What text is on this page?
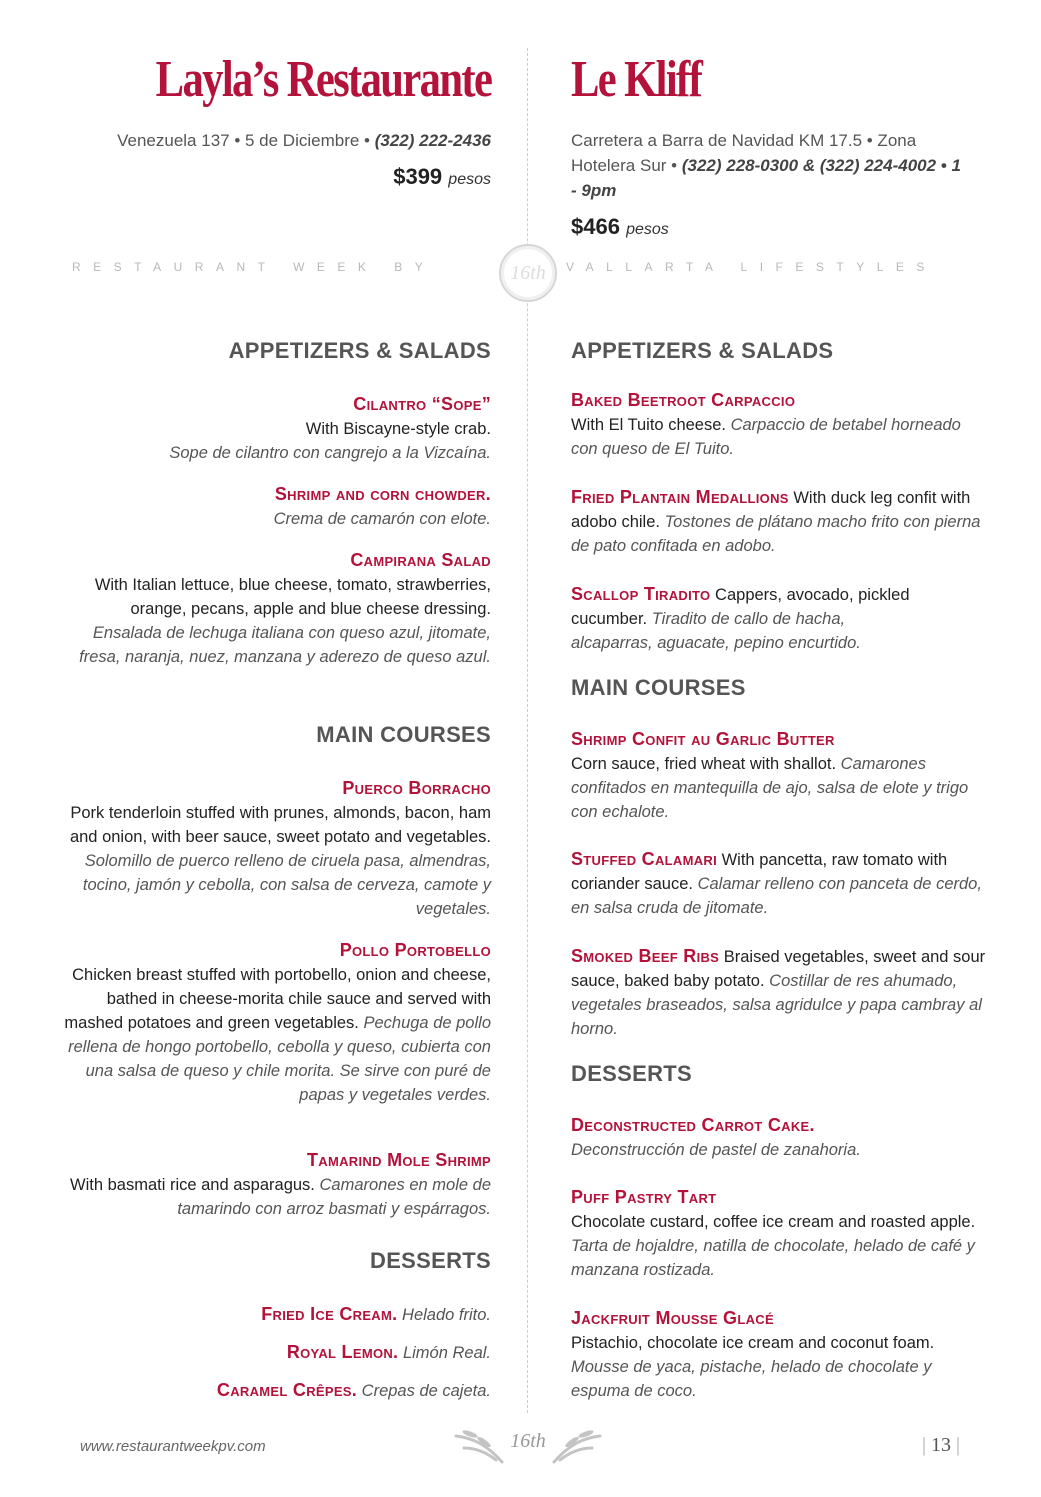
Layla’s Restaurante

Venezuela 137 • 5 de Diciembre • (322) 222-2436

$399 pesos

APPETIZERS & SALADS

Cilantro “Sope”
With Biscayne-style crab.
Sope de cilantro con cangrejo a la Vizcaína.

Shrimp and corn chowder.
Crema de camarón con elote.

Campirana Salad
With Italian lettuce, blue cheese, tomato, strawberries, orange, pecans, apple and blue cheese dressing. Ensalada de lechuga italiana con queso azul, jitomate, fresa, naranja, nuez, manzana y aderezo de queso azul.

MAIN COURSES

Puerco Borracho
Pork tenderloin stuffed with prunes, almonds, bacon, ham and onion, with beer sauce, sweet potato and vegetables. Solomillo de puerco relleno de ciruela pasa, almendras, tocino, jamón y cebolla, con salsa de cerveza, camote y vegetales.

Pollo Portobello
Chicken breast stuffed with portobello, onion and cheese, bathed in cheese-morita chile sauce and served with mashed potatoes and green vegetables. Pechuga de pollo rellena de hongo portobello, cebolla y queso, cubierta con una salsa de queso y chile morita. Se sirve con puré de papas y vegetales verdes.

Tamarind Mole Shrimp
With basmati rice and asparagus. Camarones en mole de tamarindo con arroz basmati y espárragos.

DESSERTS

Fried Ice Cream. Helado frito.

Royal Lemon. Limón Real.

Caramel Crêpes. Crepas de cajeta.

Le Kliff

Carretera a Barra de Navidad KM 17.5 • Zona Hotelera Sur • (322) 228-0300 & (322) 224-4002 • 1 - 9pm

$466 pesos

APPETIZERS & SALADS

Baked Beetroot Carpaccio
With El Tuito cheese. Carpaccio de betabel horneado con queso de El Tuito.

Fried Plantain Medallions With duck leg confit with adobo chile. Tostones de plátano macho frito con pierna de pato confitada en adobo.

Scallop Tiradito Cappers, avocado, pickled cucumber. Tiradito de callo de hacha, alcaparras, aguacate, pepino encurtido.

MAIN COURSES

Shrimp Confit au Garlic Butter
Corn sauce, fried wheat with shallot. Camarones confitados en mantequilla de ajo, salsa de elote y trigo con echalote.

Stuffed Calamari With pancetta, raw tomato with coriander sauce. Calamar relleno con panceta de cerdo, en salsa cruda de jitomate.

Smoked Beef Ribs Braised vegetables, sweet and sour sauce, baked baby potato. Costillar de res ahumado, vegetales braseados, salsa agridulce y papa cambray al horno.

DESSERTS

Deconstructed Carrot Cake.
Deconstrucción de pastel de zanahoria.

Puff Pastry Tart
Chocolate custard, coffee ice cream and roasted apple. Tarta de hojaldre, natilla de chocolate, helado de café y manzana rostizada.

Jackfruit Mousse Glacé
Pistachio, chocolate ice cream and coconut foam. Mousse de yaca, pistache, helado de chocolate y espuma de coco.

RESTAURANT WEEK BY	16th	VALLARTA LIFESTYLES
www.restaurantweekpv.com	16th	| 13 |
